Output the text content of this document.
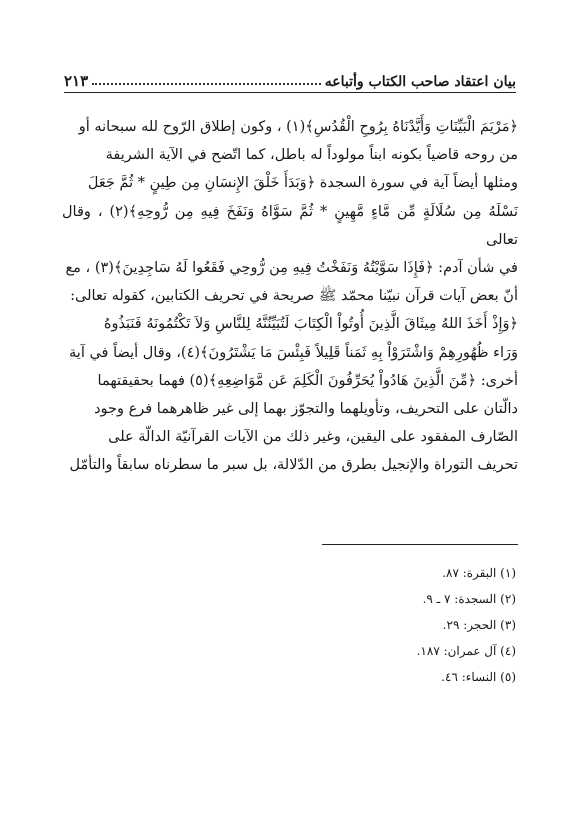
بيان اعتقاد صاحب الكتاب وأتباعه
٢١٣

﴿مَرْيَمَ الْبَيِّنَاتِ وَأَيَّدْنَاهُ بِرُوحِ الْقُدُسِ﴾(١) ، وكون إطلاق الرّوح لله سبحانه أو

من روحه قاضياً بكونه ابناً مولوداً له باطل، كما اتّضح في الآية الشريفة

ومثلها أيضاً آية في سورة السجدة ﴿وَبَدَأَ خَلْقَ الإِنسَانِ مِن طِينٍ * ثُمَّ جَعَلَ

نَسْلَهُ مِن سُلَالَةٍ مِّن مَّاءٍ مَّهِينٍ * ثُمَّ سَوَّاهُ وَنَفَخَ فِيهِ مِن رُّوحِهِ﴾(٢) ، وقال تعالى

في شأن آدم: ﴿فَإِذَا سَوَّيْتُهُ وَنَفَخْتُ فِيهِ مِن رُّوحِي فَقَعُوا لَهُ سَاجِدِينَ﴾(٣) ، مع

أنّ بعض آيات قرآن نبيّنا محمّد ﷺ صريحة في تحريف الكتابين، كقوله تعالى:

﴿وَإِذْ أَخَذَ اللهُ مِيثَاقَ الَّذِينَ أُوتُواْ الْكِتَابَ لَتُبَيِّنُنَّهُ لِلنَّاسِ وَلاَ تَكْتُمُونَهُ فَنَبَذُوهُ

وَرَاء ظُهُورِهِمْ وَاشْتَرَوْاْ بِهِ ثَمَناً قَلِيلاً فَبِئْسَ مَا يَشْتَرُونَ﴾(٤)، وقال أيضاً في آية

أخرى: ﴿مِّنَ الَّذِينَ هَادُواْ يُحَرِّفُونَ الْكَلِمَ عَن مَّوَاضِعِهِ﴾(٥) فهما بحقيقتهما

دالّتان على التحريف، وتأويلهما والتجوّز بهما إلى غير ظاهرهما فرع وجود

الصّارف المفقود على اليقين، وغير ذلك من الآيات القرآنيّة الدالّة على

تحريف التوراة والإنجيل بطرق من الدّلالة، بل سبر ما سطرناه سابقاً والتأمّل

(١) البقرة: ٨٧.
(٢) السجدة: ٧ ـ ٩.
(٣) الحجر: ٢٩.
(٤) آل عمران: ١٨٧.
(٥) النساء: ٤٦.
